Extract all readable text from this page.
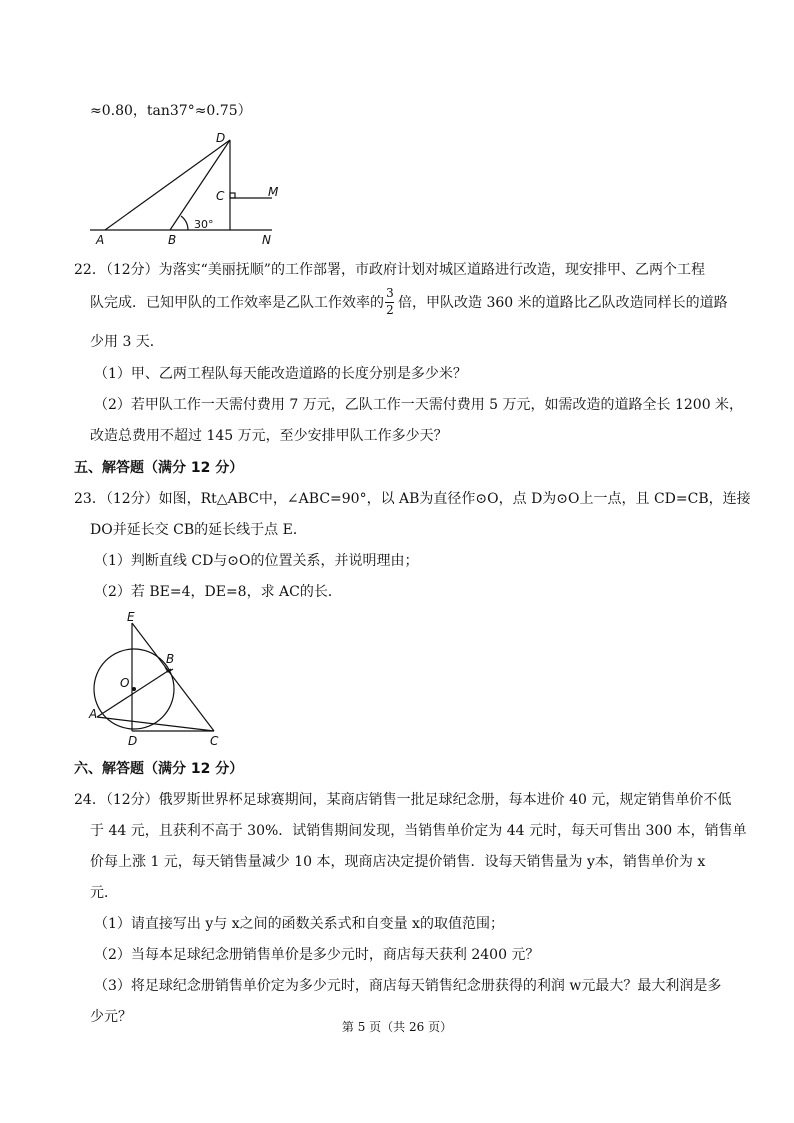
≈0.80，tan37°≈0.75）
D
C	M
A	B	N
30°
22．（12分）为落实“美丽抚顺”的工作部署，市政府计划对城区道路进行改造，现安排甲、乙两个工程
队完成．已知甲队的工作效率是乙队工作效率的
3
2 倍，甲队改造 360 米的道路比乙队改造同样长的道路
少用 3 天．
（1）甲、乙两工程队每天能改造道路的长度分别是多少米？
（2）若甲队工作一天需付费用 7 万元，乙队工作一天需付费用 5 万元，如需改造的道路全长 1200 米，
改造总费用不超过 145 万元，至少安排甲队工作多少天？
五、解答题（满分 12 分）
23．（12分）如图，Rt△ABC中，∠ABC=90°，以 AB为直径作⊙O，点 D为⊙O上一点，且 CD=CB，连接
DO并延长交 CB的延长线于点 E．
（1）判断直线 CD与⊙O的位置关系，并说明理由；
（2）若 BE=4，DE=8，求 AC的长．
E
B
O
A
D	C
六、解答题（满分 12 分）
24．（12分）俄罗斯世界杯足球赛期间，某商店销售一批足球纪念册，每本进价 40 元，规定销售单价不低
于 44 元，且获利不高于 30%．试销售期间发现，当销售单价定为 44 元时，每天可售出 300 本，销售单
价每上涨 1 元，每天销售量减少 10 本，现商店决定提价销售．设每天销售量为 y本，销售单价为 x
元．
（1）请直接写出 y与 x之间的函数关系式和自变量 x的取值范围；
（2）当每本足球纪念册销售单价是多少元时，商店每天获利 2400 元？
（3）将足球纪念册销售单价定为多少元时，商店每天销售纪念册获得的利润 w元最大？最大利润是多
少元？
第 5 页（共 26 页）
